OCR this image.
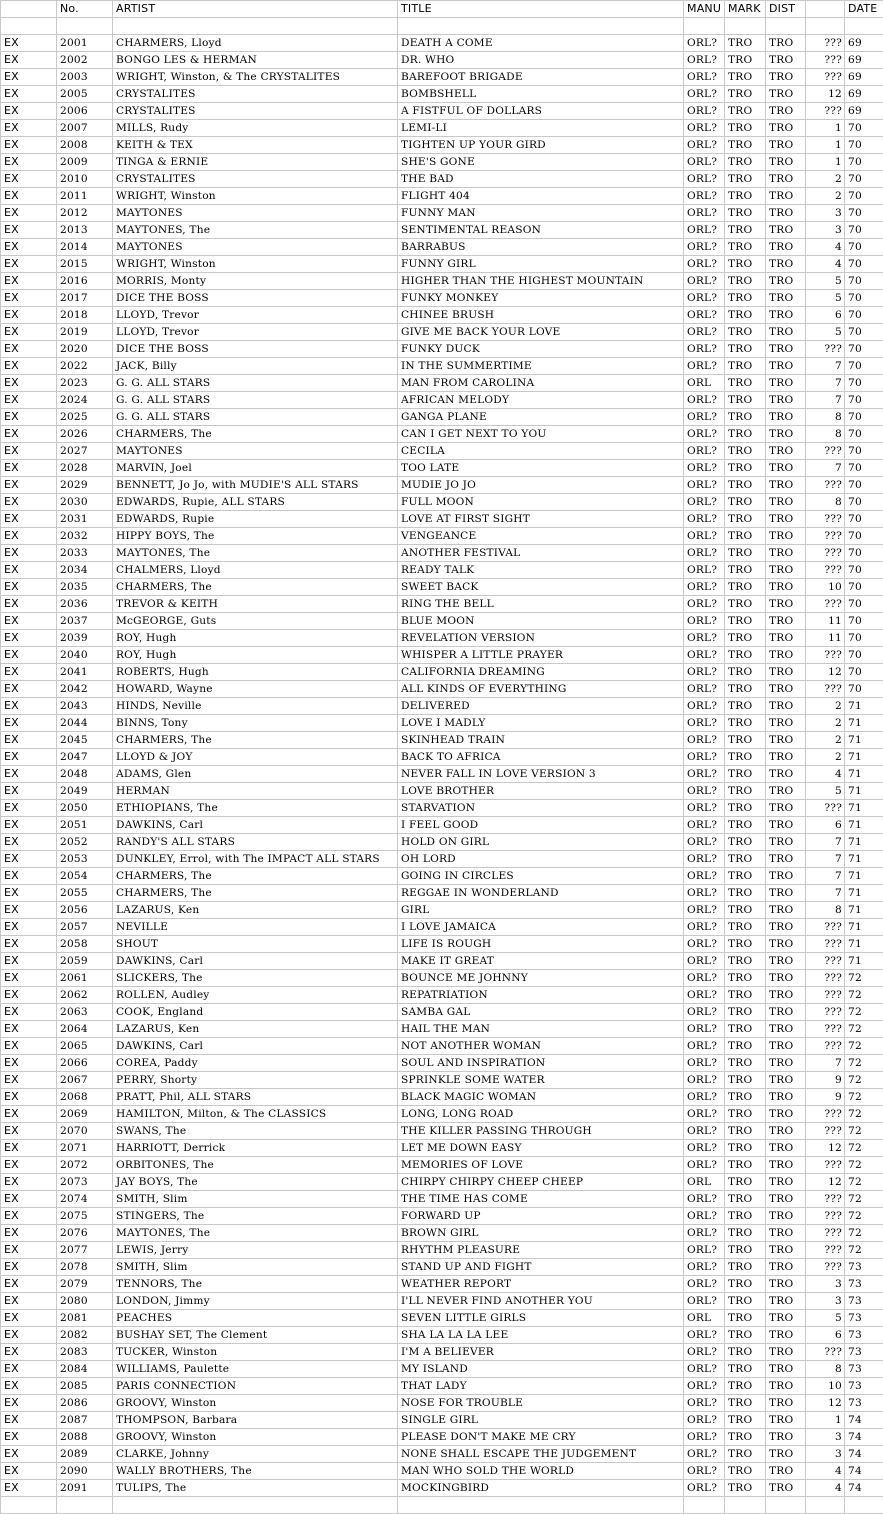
	No.	ARTIST	TITLE	MANU	MARK	DIST		DATE

EX	2001	CHARMERS, Lloyd	DEATH A COME	ORL?	TRO	TRO	???	69
EX	2002	BONGO LES & HERMAN	DR. WHO	ORL?	TRO	TRO	???	69
EX	2003	WRIGHT, Winston, & The CRYSTALITES	BAREFOOT BRIGADE	ORL?	TRO	TRO	???	69
EX	2005	CRYSTALITES	BOMBSHELL	ORL?	TRO	TRO	12	69
EX	2006	CRYSTALITES	A FISTFUL OF DOLLARS	ORL?	TRO	TRO	???	69
EX	2007	MILLS, Rudy	LEMI-LI	ORL?	TRO	TRO	1	70
EX	2008	KEITH & TEX	TIGHTEN UP YOUR GIRD	ORL?	TRO	TRO	1	70
EX	2009	TINGA & ERNIE	SHE'S GONE	ORL?	TRO	TRO	1	70
EX	2010	CRYSTALITES	THE BAD	ORL?	TRO	TRO	2	70
EX	2011	WRIGHT, Winston	FLIGHT 404	ORL?	TRO	TRO	2	70
EX	2012	MAYTONES	FUNNY MAN	ORL?	TRO	TRO	3	70
EX	2013	MAYTONES, The	SENTIMENTAL REASON	ORL?	TRO	TRO	3	70
EX	2014	MAYTONES	BARRABUS	ORL?	TRO	TRO	4	70
EX	2015	WRIGHT, Winston	FUNNY GIRL	ORL?	TRO	TRO	4	70
EX	2016	MORRIS, Monty	HIGHER THAN THE HIGHEST MOUNTAIN	ORL?	TRO	TRO	5	70
EX	2017	DICE THE BOSS	FUNKY MONKEY	ORL?	TRO	TRO	5	70
EX	2018	LLOYD, Trevor	CHINEE BRUSH	ORL?	TRO	TRO	6	70
EX	2019	LLOYD, Trevor	GIVE ME BACK YOUR LOVE	ORL?	TRO	TRO	5	70
EX	2020	DICE THE BOSS	FUNKY DUCK	ORL?	TRO	TRO	???	70
EX	2022	JACK, Billy	IN THE SUMMERTIME	ORL?	TRO	TRO	7	70
EX	2023	G. G. ALL STARS	MAN FROM CAROLINA	ORL	TRO	TRO	7	70
EX	2024	G. G. ALL STARS	AFRICAN MELODY	ORL?	TRO	TRO	7	70
EX	2025	G. G. ALL STARS	GANGA PLANE	ORL?	TRO	TRO	8	70
EX	2026	CHARMERS, The	CAN I GET NEXT TO YOU	ORL?	TRO	TRO	8	70
EX	2027	MAYTONES	CECILA	ORL?	TRO	TRO	???	70
EX	2028	MARVIN, Joel	TOO LATE	ORL?	TRO	TRO	7	70
EX	2029	BENNETT, Jo Jo, with MUDIE'S ALL STARS	MUDIE JO JO	ORL?	TRO	TRO	???	70
EX	2030	EDWARDS, Rupie, ALL STARS	FULL MOON	ORL?	TRO	TRO	8	70
EX	2031	EDWARDS, Rupie	LOVE AT FIRST SIGHT	ORL?	TRO	TRO	???	70
EX	2032	HIPPY BOYS, The	VENGEANCE	ORL?	TRO	TRO	???	70
EX	2033	MAYTONES, The	ANOTHER FESTIVAL	ORL?	TRO	TRO	???	70
EX	2034	CHALMERS, Lloyd	READY TALK	ORL?	TRO	TRO	???	70
EX	2035	CHARMERS, The	SWEET BACK	ORL?	TRO	TRO	10	70
EX	2036	TREVOR & KEITH	RING THE BELL	ORL?	TRO	TRO	???	70
EX	2037	McGEORGE, Guts	BLUE MOON	ORL?	TRO	TRO	11	70
EX	2039	ROY, Hugh	REVELATION VERSION	ORL?	TRO	TRO	11	70
EX	2040	ROY, Hugh	WHISPER A LITTLE PRAYER	ORL?	TRO	TRO	???	70
EX	2041	ROBERTS, Hugh	CALIFORNIA DREAMING	ORL?	TRO	TRO	12	70
EX	2042	HOWARD, Wayne	ALL KINDS OF EVERYTHING	ORL?	TRO	TRO	???	70
EX	2043	HINDS, Neville	DELIVERED	ORL?	TRO	TRO	2	71
EX	2044	BINNS, Tony	LOVE I MADLY	ORL?	TRO	TRO	2	71
EX	2045	CHARMERS, The	SKINHEAD TRAIN	ORL?	TRO	TRO	2	71
EX	2047	LLOYD & JOY	BACK TO AFRICA	ORL?	TRO	TRO	2	71
EX	2048	ADAMS, Glen	NEVER FALL IN LOVE VERSION 3	ORL?	TRO	TRO	4	71
EX	2049	HERMAN	LOVE BROTHER	ORL?	TRO	TRO	5	71
EX	2050	ETHIOPIANS, The	STARVATION	ORL?	TRO	TRO	???	71
EX	2051	DAWKINS, Carl	I FEEL GOOD	ORL?	TRO	TRO	6	71
EX	2052	RANDY'S ALL STARS	HOLD ON GIRL	ORL?	TRO	TRO	7	71
EX	2053	DUNKLEY, Errol, with The IMPACT ALL STARS	OH LORD	ORL?	TRO	TRO	7	71
EX	2054	CHARMERS, The	GOING IN CIRCLES	ORL?	TRO	TRO	7	71
EX	2055	CHARMERS, The	REGGAE IN WONDERLAND	ORL?	TRO	TRO	7	71
EX	2056	LAZARUS, Ken	GIRL	ORL?	TRO	TRO	8	71
EX	2057	NEVILLE	I LOVE JAMAICA	ORL?	TRO	TRO	???	71
EX	2058	SHOUT	LIFE IS ROUGH	ORL?	TRO	TRO	???	71
EX	2059	DAWKINS, Carl	MAKE IT GREAT	ORL?	TRO	TRO	???	71
EX	2061	SLICKERS, The	BOUNCE ME JOHNNY	ORL?	TRO	TRO	???	72
EX	2062	ROLLEN, Audley	REPATRIATION	ORL?	TRO	TRO	???	72
EX	2063	COOK, England	SAMBA GAL	ORL?	TRO	TRO	???	72
EX	2064	LAZARUS, Ken	HAIL THE MAN	ORL?	TRO	TRO	???	72
EX	2065	DAWKINS, Carl	NOT ANOTHER WOMAN	ORL?	TRO	TRO	???	72
EX	2066	COREA, Paddy	SOUL AND INSPIRATION	ORL?	TRO	TRO	7	72
EX	2067	PERRY, Shorty	SPRINKLE SOME WATER	ORL?	TRO	TRO	9	72
EX	2068	PRATT, Phil, ALL STARS	BLACK MAGIC WOMAN	ORL?	TRO	TRO	9	72
EX	2069	HAMILTON, Milton, & The CLASSICS	LONG, LONG ROAD	ORL?	TRO	TRO	???	72
EX	2070	SWANS, The	THE KILLER PASSING THROUGH	ORL?	TRO	TRO	???	72
EX	2071	HARRIOTT, Derrick	LET ME DOWN EASY	ORL?	TRO	TRO	12	72
EX	2072	ORBITONES, The	MEMORIES OF LOVE	ORL?	TRO	TRO	???	72
EX	2073	JAY BOYS, The	CHIRPY CHIRPY CHEEP CHEEP	ORL	TRO	TRO	12	72
EX	2074	SMITH, Slim	THE TIME HAS COME	ORL?	TRO	TRO	???	72
EX	2075	STINGERS, The	FORWARD UP	ORL?	TRO	TRO	???	72
EX	2076	MAYTONES, The	BROWN GIRL	ORL?	TRO	TRO	???	72
EX	2077	LEWIS, Jerry	RHYTHM PLEASURE	ORL?	TRO	TRO	???	72
EX	2078	SMITH, Slim	STAND UP AND FIGHT	ORL?	TRO	TRO	???	73
EX	2079	TENNORS, The	WEATHER REPORT	ORL?	TRO	TRO	3	73
EX	2080	LONDON, Jimmy	I'LL NEVER FIND ANOTHER YOU	ORL?	TRO	TRO	3	73
EX	2081	PEACHES	SEVEN LITTLE GIRLS	ORL	TRO	TRO	5	73
EX	2082	BUSHAY SET, The Clement	SHA LA LA LA LEE	ORL?	TRO	TRO	6	73
EX	2083	TUCKER, Winston	I'M A BELIEVER	ORL?	TRO	TRO	???	73
EX	2084	WILLIAMS, Paulette	MY ISLAND	ORL?	TRO	TRO	8	73
EX	2085	PARIS CONNECTION	THAT LADY	ORL?	TRO	TRO	10	73
EX	2086	GROOVY, Winston	NOSE FOR TROUBLE	ORL?	TRO	TRO	12	73
EX	2087	THOMPSON, Barbara	SINGLE GIRL	ORL?	TRO	TRO	1	74
EX	2088	GROOVY, Winston	PLEASE DON'T MAKE ME CRY	ORL?	TRO	TRO	3	74
EX	2089	CLARKE, Johnny	NONE SHALL ESCAPE THE JUDGEMENT	ORL?	TRO	TRO	3	74
EX	2090	WALLY BROTHERS, The	MAN WHO SOLD THE WORLD	ORL?	TRO	TRO	4	74
EX	2091	TULIPS, The	MOCKINGBIRD	ORL?	TRO	TRO	4	74
